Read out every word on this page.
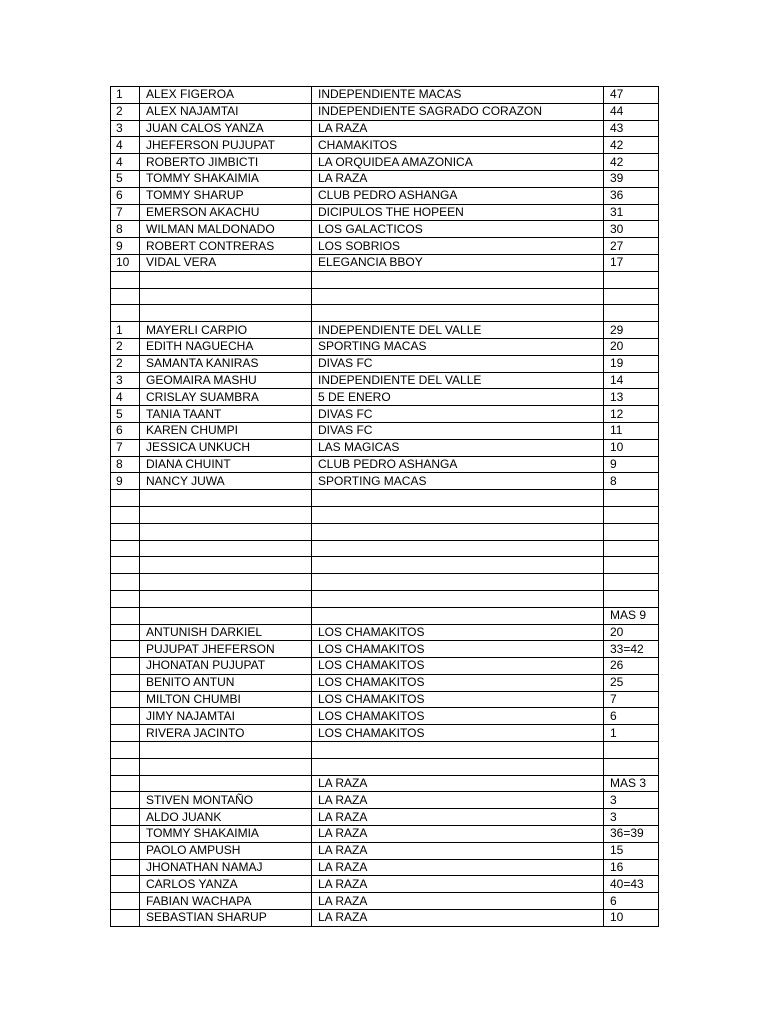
1	ALEX FIGEROA	INDEPENDIENTE MACAS	47
2	ALEX NAJAMTAI	INDEPENDIENTE SAGRADO CORAZON	44
3	JUAN CALOS YANZA	LA RAZA	43
4	JHEFERSON PUJUPAT	CHAMAKITOS	42
4	ROBERTO JIMBICTI	LA ORQUIDEA AMAZONICA	42
5	TOMMY SHAKAIMIA	LA RAZA	39
6	TOMMY SHARUP	CLUB PEDRO ASHANGA	36
7	EMERSON AKACHU	DICIPULOS THE HOPEEN	31
8	WILMAN MALDONADO	LOS GALACTICOS	30
9	ROBERT CONTRERAS	LOS SOBRIOS	27
10	VIDAL VERA	ELEGANCIA BBOY	17

1	MAYERLI CARPIO	INDEPENDIENTE DEL VALLE	29
2	EDITH NAGUECHA	SPORTING MACAS	20
2	SAMANTA KANIRAS	DIVAS FC	19
3	GEOMAIRA MASHU	INDEPENDIENTE DEL VALLE	14
4	CRISLAY SUAMBRA	5 DE ENERO	13
5	TANIA TAANT	DIVAS FC	12
6	KAREN CHUMPI	DIVAS FC	11
7	JESSICA UNKUCH	LAS MAGICAS	10
8	DIANA CHUINT	CLUB PEDRO ASHANGA	9
9	NANCY JUWA	SPORTING MACAS	8

			MAS 9
	ANTUNISH DARKIEL	LOS CHAMAKITOS	20
	PUJUPAT JHEFERSON	LOS CHAMAKITOS	33=42
	JHONATAN PUJUPAT	LOS CHAMAKITOS	26
	BENITO ANTUN	LOS CHAMAKITOS	25
	MILTON CHUMBI	LOS CHAMAKITOS	7
	JIMY NAJAMTAI	LOS CHAMAKITOS	6
	RIVERA JACINTO	LOS CHAMAKITOS	1

		LA RAZA	MAS 3
	STIVEN MONTAÑO	LA RAZA	3
	ALDO JUANK	LA RAZA	3
	TOMMY SHAKAIMIA	LA RAZA	36=39
	PAOLO AMPUSH	LA RAZA	15
	JHONATHAN NAMAJ	LA RAZA	16
	CARLOS YANZA	LA RAZA	40=43
	FABIAN WACHAPA	LA RAZA	6
	SEBASTIAN SHARUP	LA RAZA	10
